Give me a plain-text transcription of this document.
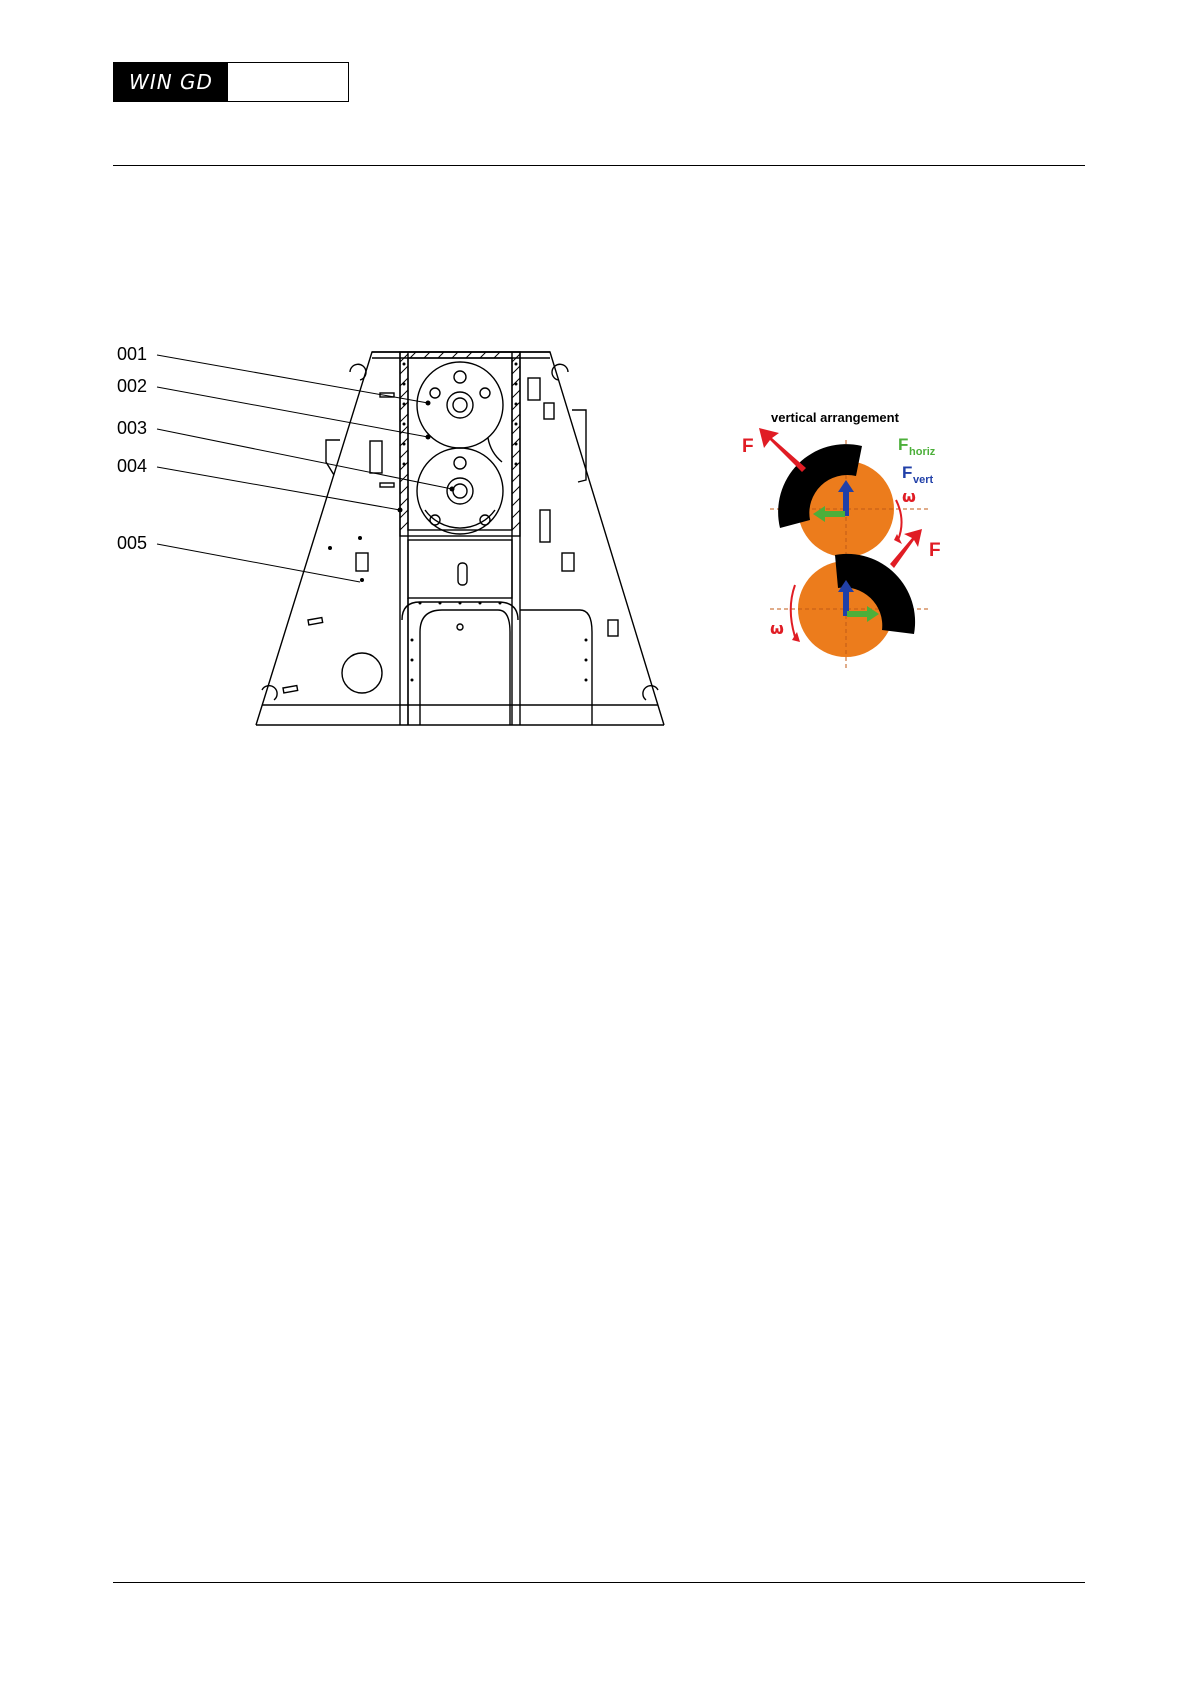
WIN GD
001
002
003
004
005
vertical arrangement
F
F
F horiz
F vert
ω
ω
